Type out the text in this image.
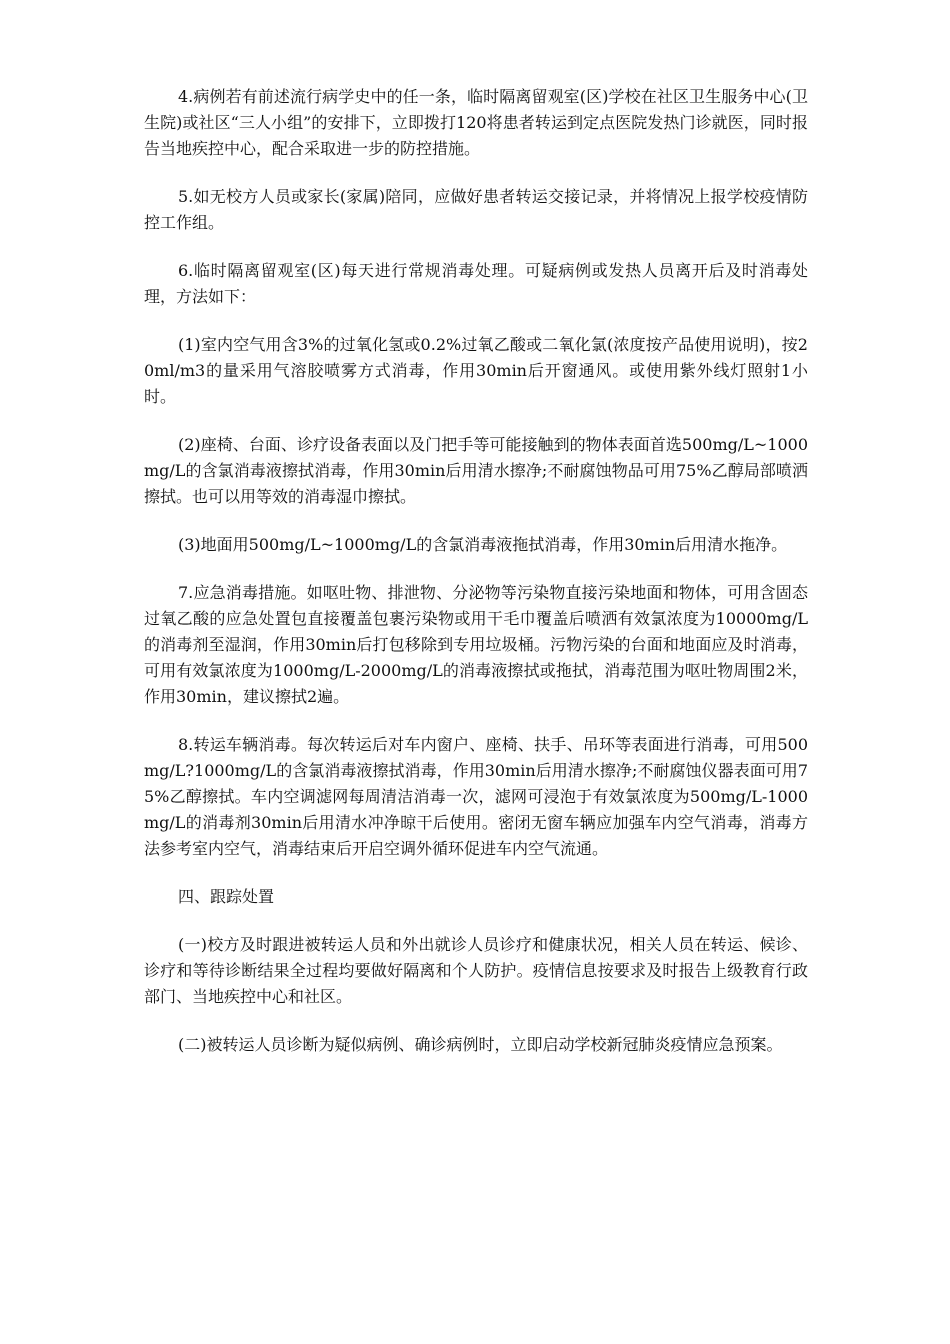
4.病例若有前述流行病学史中的任一条，临时隔离留观室(区)学校在社区卫生服务中心(卫生院)或社区“三人小组”的安排下，立即拨打120将患者转运到定点医院发热门诊就医，同时报告当地疾控中心，配合采取进一步的防控措施。

5.如无校方人员或家长(家属)陪同，应做好患者转运交接记录，并将情况上报学校疫情防控工作组。

6.临时隔离留观室(区)每天进行常规消毒处理。可疑病例或发热人员离开后及时消毒处理，方法如下：

(1)室内空气用含3%的过氧化氢或0.2%过氧乙酸或二氧化氯(浓度按产品使用说明)，按20ml/m3的量采用气溶胶喷雾方式消毒，作用30min后开窗通风。或使用紫外线灯照射1小时。

(2)座椅、台面、诊疗设备表面以及门把手等可能接触到的物体表面首选500mg/L~1000mg/L的含氯消毒液擦拭消毒，作用30min后用清水擦净;不耐腐蚀物品可用75%乙醇局部喷洒擦拭。也可以用等效的消毒湿巾擦拭。

(3)地面用500mg/L~1000mg/L的含氯消毒液拖拭消毒，作用30min后用清水拖净。

7.应急消毒措施。如呕吐物、排泄物、分泌物等污染物直接污染地面和物体，可用含固态过氧乙酸的应急处置包直接覆盖包裹污染物或用干毛巾覆盖后喷洒有效氯浓度为10000mg/L的消毒剂至湿润，作用30min后打包移除到专用垃圾桶。污物污染的台面和地面应及时消毒，可用有效氯浓度为1000mg/L-2000mg/L的消毒液擦拭或拖拭，消毒范围为呕吐物周围2米，作用30min，建议擦拭2遍。

8.转运车辆消毒。每次转运后对车内窗户、座椅、扶手、吊环等表面进行消毒，可用500mg/L?1000mg/L的含氯消毒液擦拭消毒，作用30min后用清水擦净;不耐腐蚀仪器表面可用75%乙醇擦拭。车内空调滤网每周清洁消毒一次，滤网可浸泡于有效氯浓度为500mg/L-1000mg/L的消毒剂30min后用清水冲净晾干后使用。密闭无窗车辆应加强车内空气消毒，消毒方法参考室内空气，消毒结束后开启空调外循环促进车内空气流通。

四、跟踪处置

(一)校方及时跟进被转运人员和外出就诊人员诊疗和健康状况，相关人员在转运、候诊、诊疗和等待诊断结果全过程均要做好隔离和个人防护。疫情信息按要求及时报告上级教育行政部门、当地疾控中心和社区。

(二)被转运人员诊断为疑似病例、确诊病例时，立即启动学校新冠肺炎疫情应急预案。
